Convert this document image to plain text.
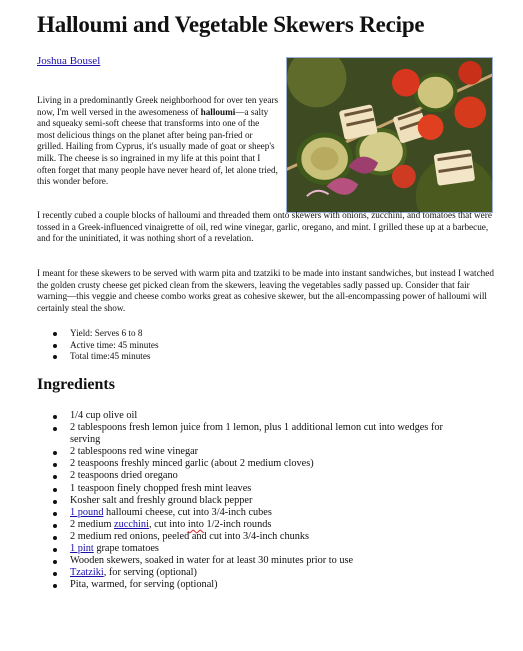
Halloumi and Vegetable Skewers Recipe
Joshua Bousel

Living in a predominantly Greek neighborhood for over ten years now, I'm well versed in the awesomeness of halloumi—a salty and squeaky semi-soft cheese that transforms into one of the most delicious things on the planet after being pan-fried or grilled. Hailing from Cyprus, it's usually made of goat or sheep's milk. The cheese is so ingrained in my life at this point that I often forget that many people have never heard of, let alone tried, this wonder before.

I recently cubed a couple blocks of halloumi and threaded them onto skewers with onions, zucchini, and tomatoes that were tossed in a Greek-influenced vinaigrette of oil, red wine vinegar, garlic, oregano, and mint. I grilled these up at a barbecue, and for the uninitiated, it was nothing short of a revelation.

I meant for these skewers to be served with warm pita and tzatziki to be made into instant sandwiches, but instead I watched the golden crusty cheese get picked clean from the skewers, leaving the vegetables sadly passed up. Consider that fair warning—this veggie and cheese combo works great as cohesive skewer, but the all-encompassing power of halloumi will certainly steal the show.

Yield: Serves 6 to 8
Active time: 45 minutes
Total time:45 minutes
Ingredients
1/4 cup olive oil
2 tablespoons fresh lemon juice from 1 lemon, plus 1 additional lemon cut into wedges for serving
2 tablespoons red wine vinegar
2 teaspoons freshly minced garlic (about 2 medium cloves)
2 teaspoons dried oregano
1 teaspoon finely chopped fresh mint leaves
Kosher salt and freshly ground black pepper
1 pound halloumi cheese, cut into 3/4-inch cubes
2 medium zucchini, cut into into 1/2-inch rounds
2 medium red onions, peeled and cut into 3/4-inch chunks
1 pint grape tomatoes
Wooden skewers, soaked in water for at least 30 minutes prior to use
Tzatziki, for serving (optional)
Pita, warmed, for serving (optional)
